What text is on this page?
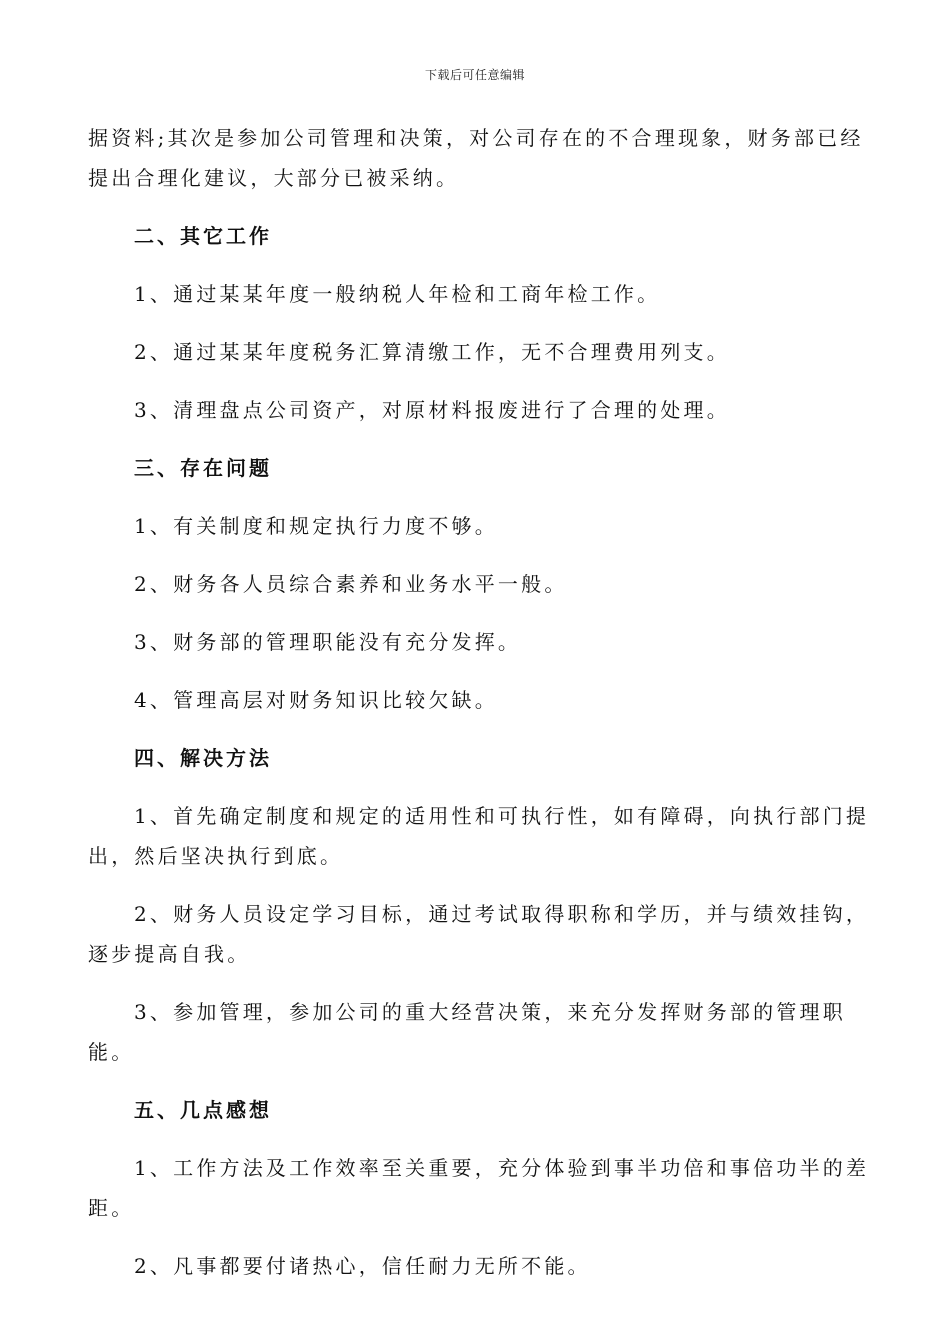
下载后可任意编辑

据资料;其次是参加公司管理和决策，对公司存在的不合理现象，财务部已经提出合理化建议，大部分已被采纳。

二、其它工作

1、通过某某年度一般纳税人年检和工商年检工作。

2、通过某某年度税务汇算清缴工作，无不合理费用列支。

3、清理盘点公司资产，对原材料报废进行了合理的处理。

三、存在问题

1、有关制度和规定执行力度不够。

2、财务各人员综合素养和业务水平一般。

3、财务部的管理职能没有充分发挥。

4、管理高层对财务知识比较欠缺。

四、解决方法

1、首先确定制度和规定的适用性和可执行性，如有障碍，向执行部门提出，然后坚决执行到底。

2、财务人员设定学习目标，通过考试取得职称和学历，并与绩效挂钩，逐步提高自我。

3、参加管理，参加公司的重大经营决策，来充分发挥财务部的管理职能。

五、几点感想

1、工作方法及工作效率至关重要，充分体验到事半功倍和事倍功半的差距。

2、凡事都要付诸热心，信任耐力无所不能。
